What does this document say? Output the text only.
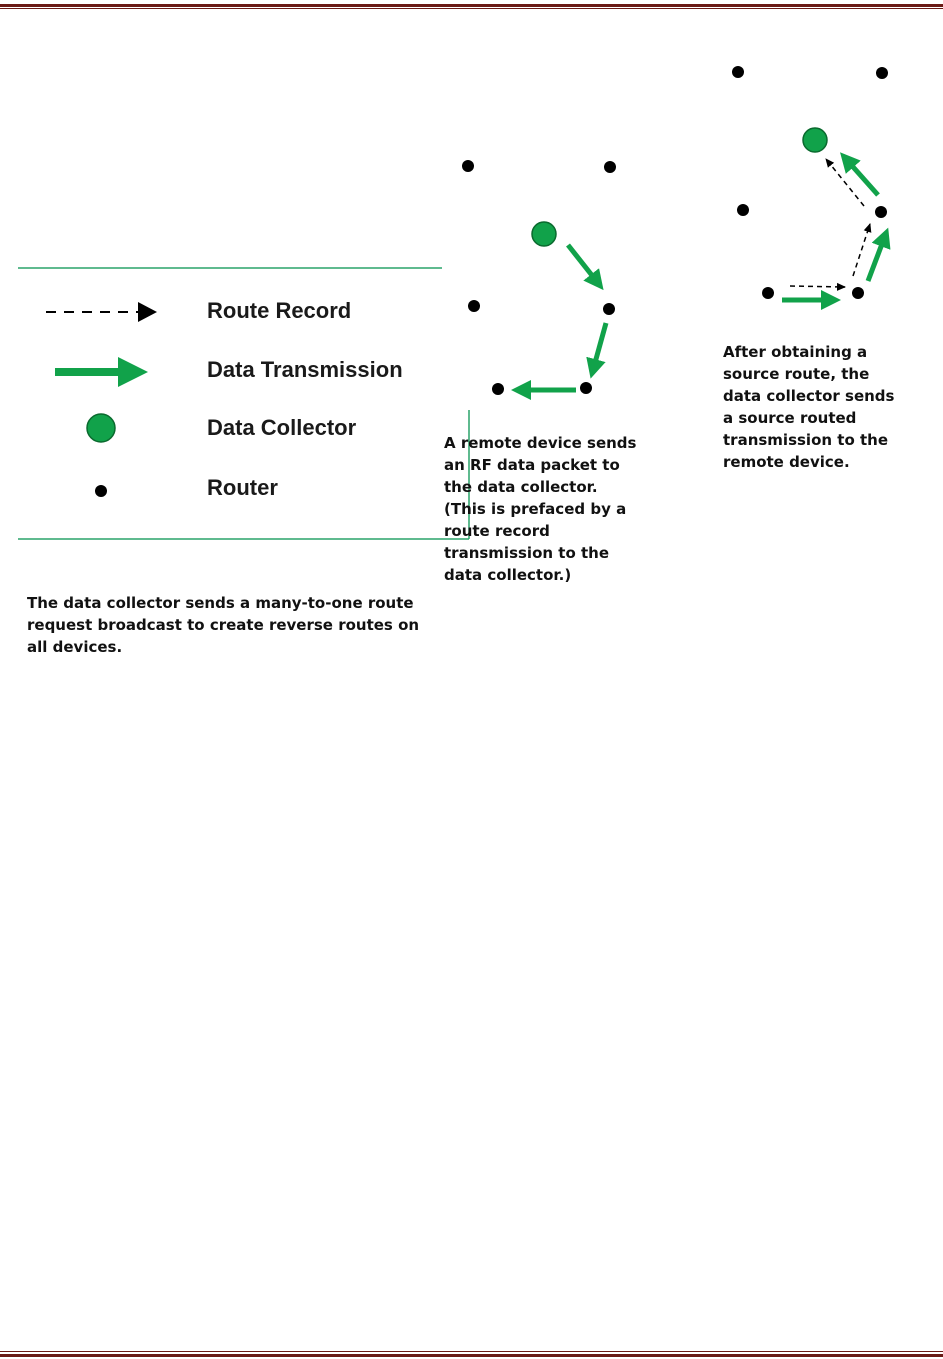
Route Record
Data Transmission
Data Collector
Router
The data collector sends a many-to-one route
request broadcast to create reverse routes on
all devices.
A remote device sends
an RF data packet to
the data collector.
(This is prefaced by a
route record
transmission to the
data collector.)
After obtaining a
source route, the
data collector sends
a source routed
transmission to the
remote device.
